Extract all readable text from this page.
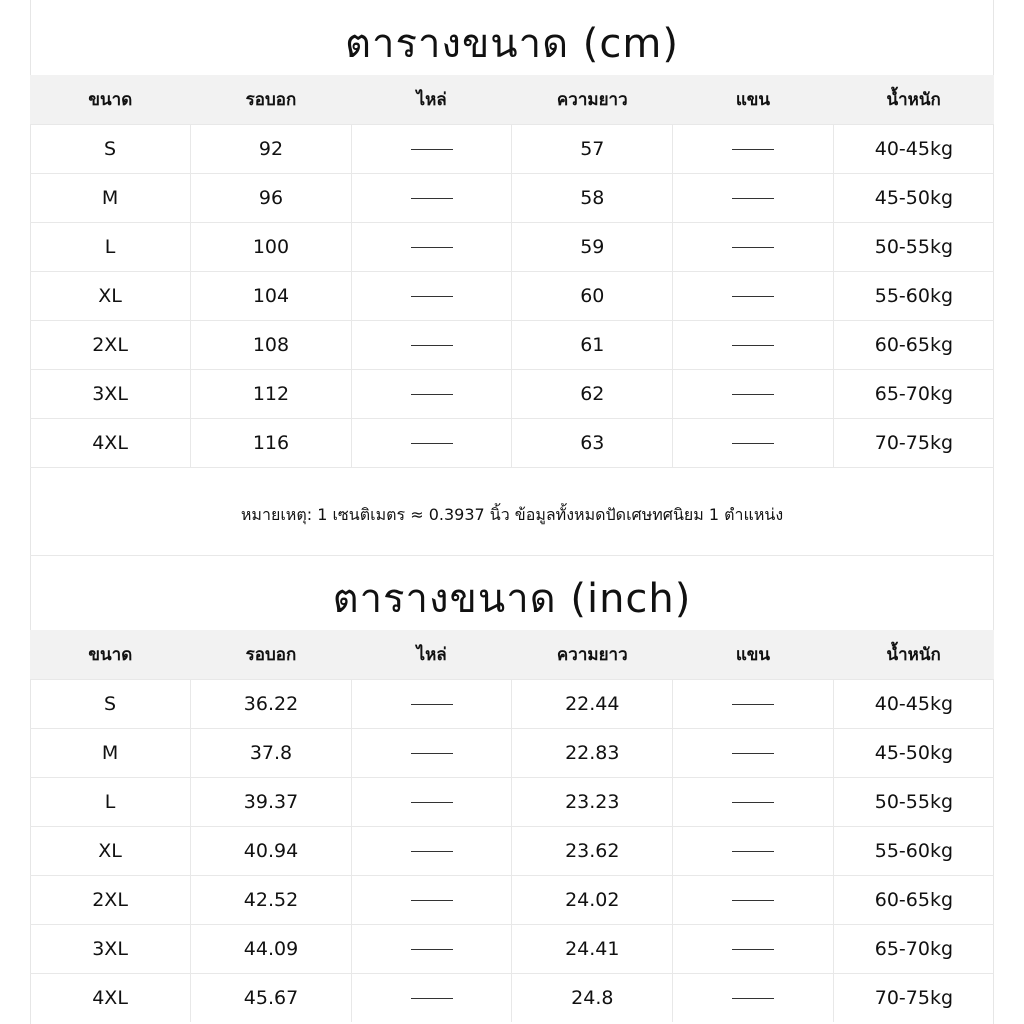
ตารางขนาด (cm)
ขนาด	รอบอก	ไหล่	ความยาว	แขน	น้ำหนัก
S	92		57		40-45kg
M	96		58		45-50kg
L	100		59		50-55kg
XL	104		60		55-60kg
2XL	108		61		60-65kg
3XL	112		62		65-70kg
4XL	116		63		70-75kg
หมายเหตุ: 1 เซนติเมตร ≈ 0.3937 นิ้ว ข้อมูลทั้งหมดปัดเศษทศนิยม 1 ตำแหน่ง
ตารางขนาด (inch)
ขนาด	รอบอก	ไหล่	ความยาว	แขน	น้ำหนัก
S	36.22		22.44		40-45kg
M	37.8		22.83		45-50kg
L	39.37		23.23		50-55kg
XL	40.94		23.62		55-60kg
2XL	42.52		24.02		60-65kg
3XL	44.09		24.41		65-70kg
4XL	45.67		24.8		70-75kg
